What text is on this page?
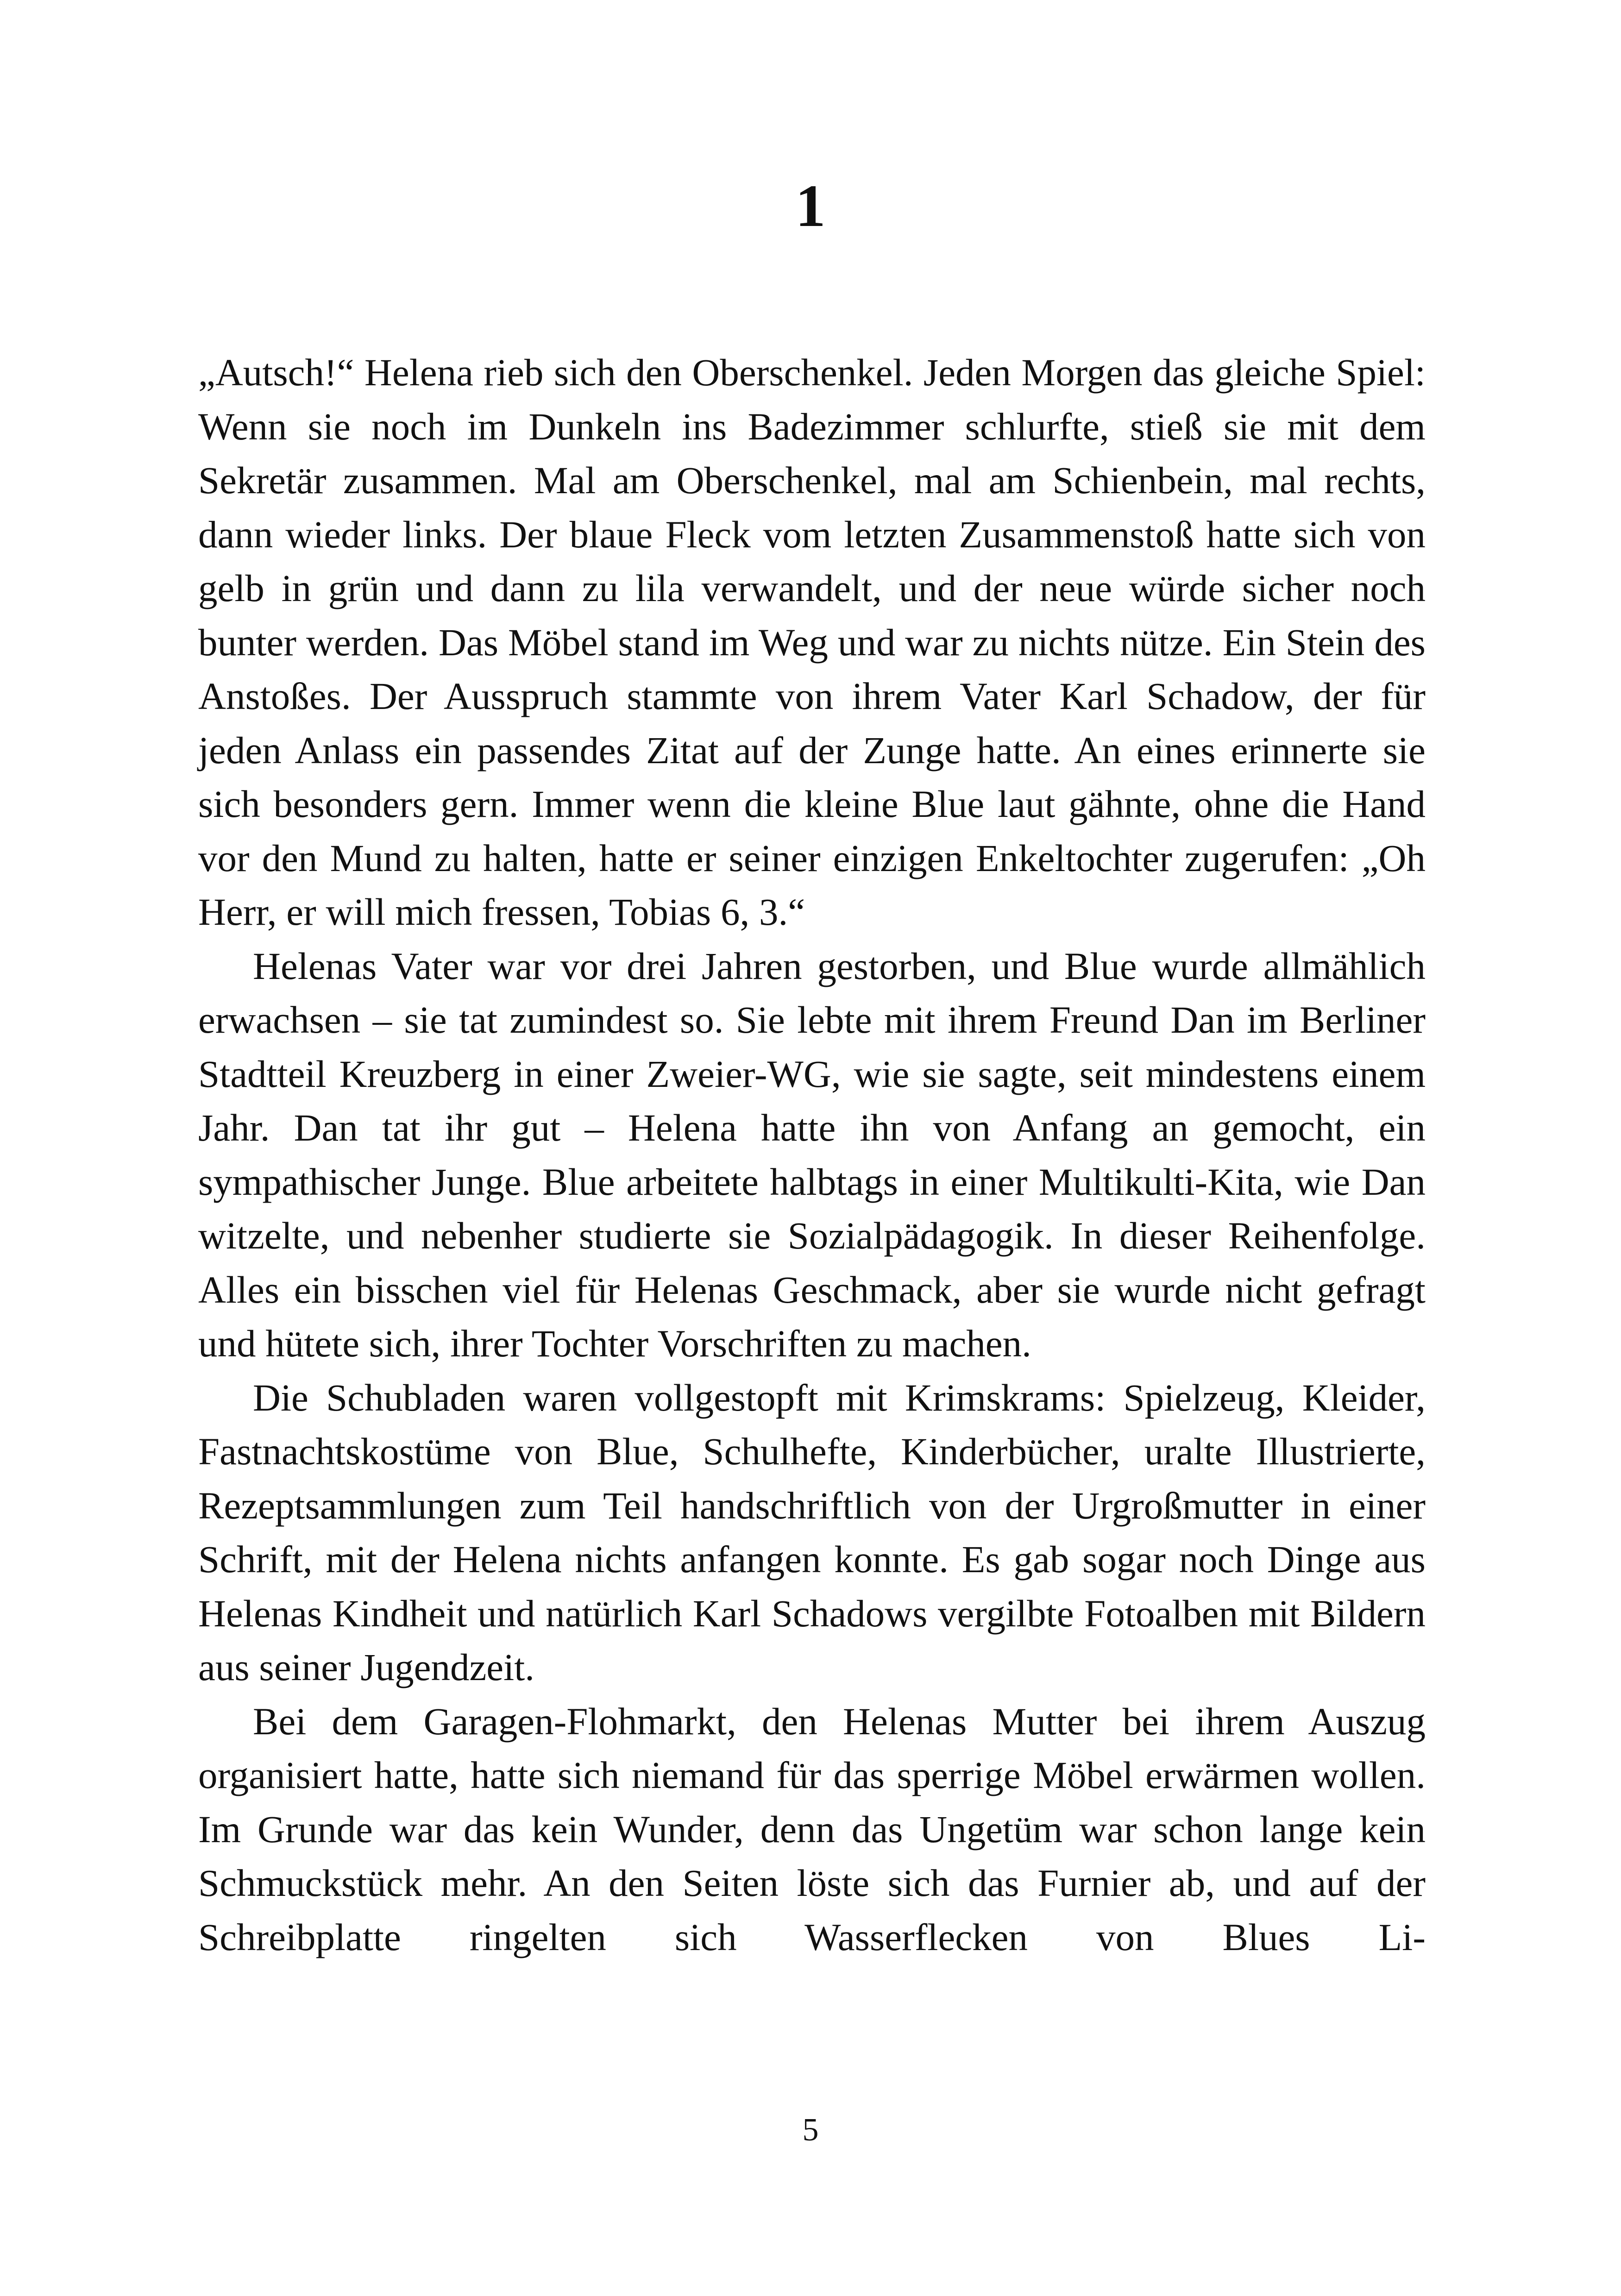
1

„Autsch!“ Helena rieb sich den Oberschenkel. Jeden Morgen das gleiche Spiel: Wenn sie noch im Dunkeln ins Badezimmer schlurfte, stieß sie mit dem Sekretär zusammen. Mal am Oberschenkel, mal am Schienbein, mal rechts, dann wieder links. Der blaue Fleck vom letzten Zusammenstoß hatte sich von gelb in grün und dann zu lila verwandelt, und der neue würde sicher noch bunter werden. Das Möbel stand im Weg und war zu nichts nütze. Ein Stein des Anstoßes. Der Ausspruch stammte von ihrem Vater Karl Schadow, der für jeden Anlass ein passendes Zitat auf der Zunge hatte. An eines erinnerte sie sich besonders gern. Immer wenn die kleine Blue laut gähnte, ohne die Hand vor den Mund zu halten, hatte er seiner einzigen Enkeltochter zugerufen: „Oh Herr, er will mich fressen, Tobias 6, 3.“

Helenas Vater war vor drei Jahren gestorben, und Blue wurde allmählich erwachsen – sie tat zumindest so. Sie lebte mit ihrem Freund Dan im Berliner Stadtteil Kreuzberg in einer Zweier-WG, wie sie sagte, seit mindestens einem Jahr. Dan tat ihr gut – Helena hatte ihn von Anfang an gemocht, ein sympathischer Junge. Blue arbeitete halbtags in einer Multikulti-Kita, wie Dan witzelte, und nebenher studierte sie Sozialpädagogik. In dieser Reihenfolge. Alles ein bisschen viel für Helenas Geschmack, aber sie wurde nicht gefragt und hütete sich, ihrer Tochter Vorschriften zu machen.

Die Schubladen waren vollgestopft mit Krimskrams: Spielzeug, Kleider, Fastnachtskostüme von Blue, Schulhefte, Kinderbücher, uralte Illustrierte, Rezeptsammlungen zum Teil handschriftlich von der Urgroßmutter in einer Schrift, mit der Helena nichts anfangen konnte. Es gab sogar noch Dinge aus Helenas Kindheit und natürlich Karl Schadows vergilbte Fotoalben mit Bildern aus seiner Jugendzeit.

Bei dem Garagen-Flohmarkt, den Helenas Mutter bei ihrem Auszug organisiert hatte, hatte sich niemand für das sperrige Möbel erwärmen wollen. Im Grunde war das kein Wunder, denn das Ungetüm war schon lange kein Schmuckstück mehr. An den Seiten löste sich das Furnier ab, und auf der Schreibplatte ringelten sich Wasserflecken von Blues Li-

5
